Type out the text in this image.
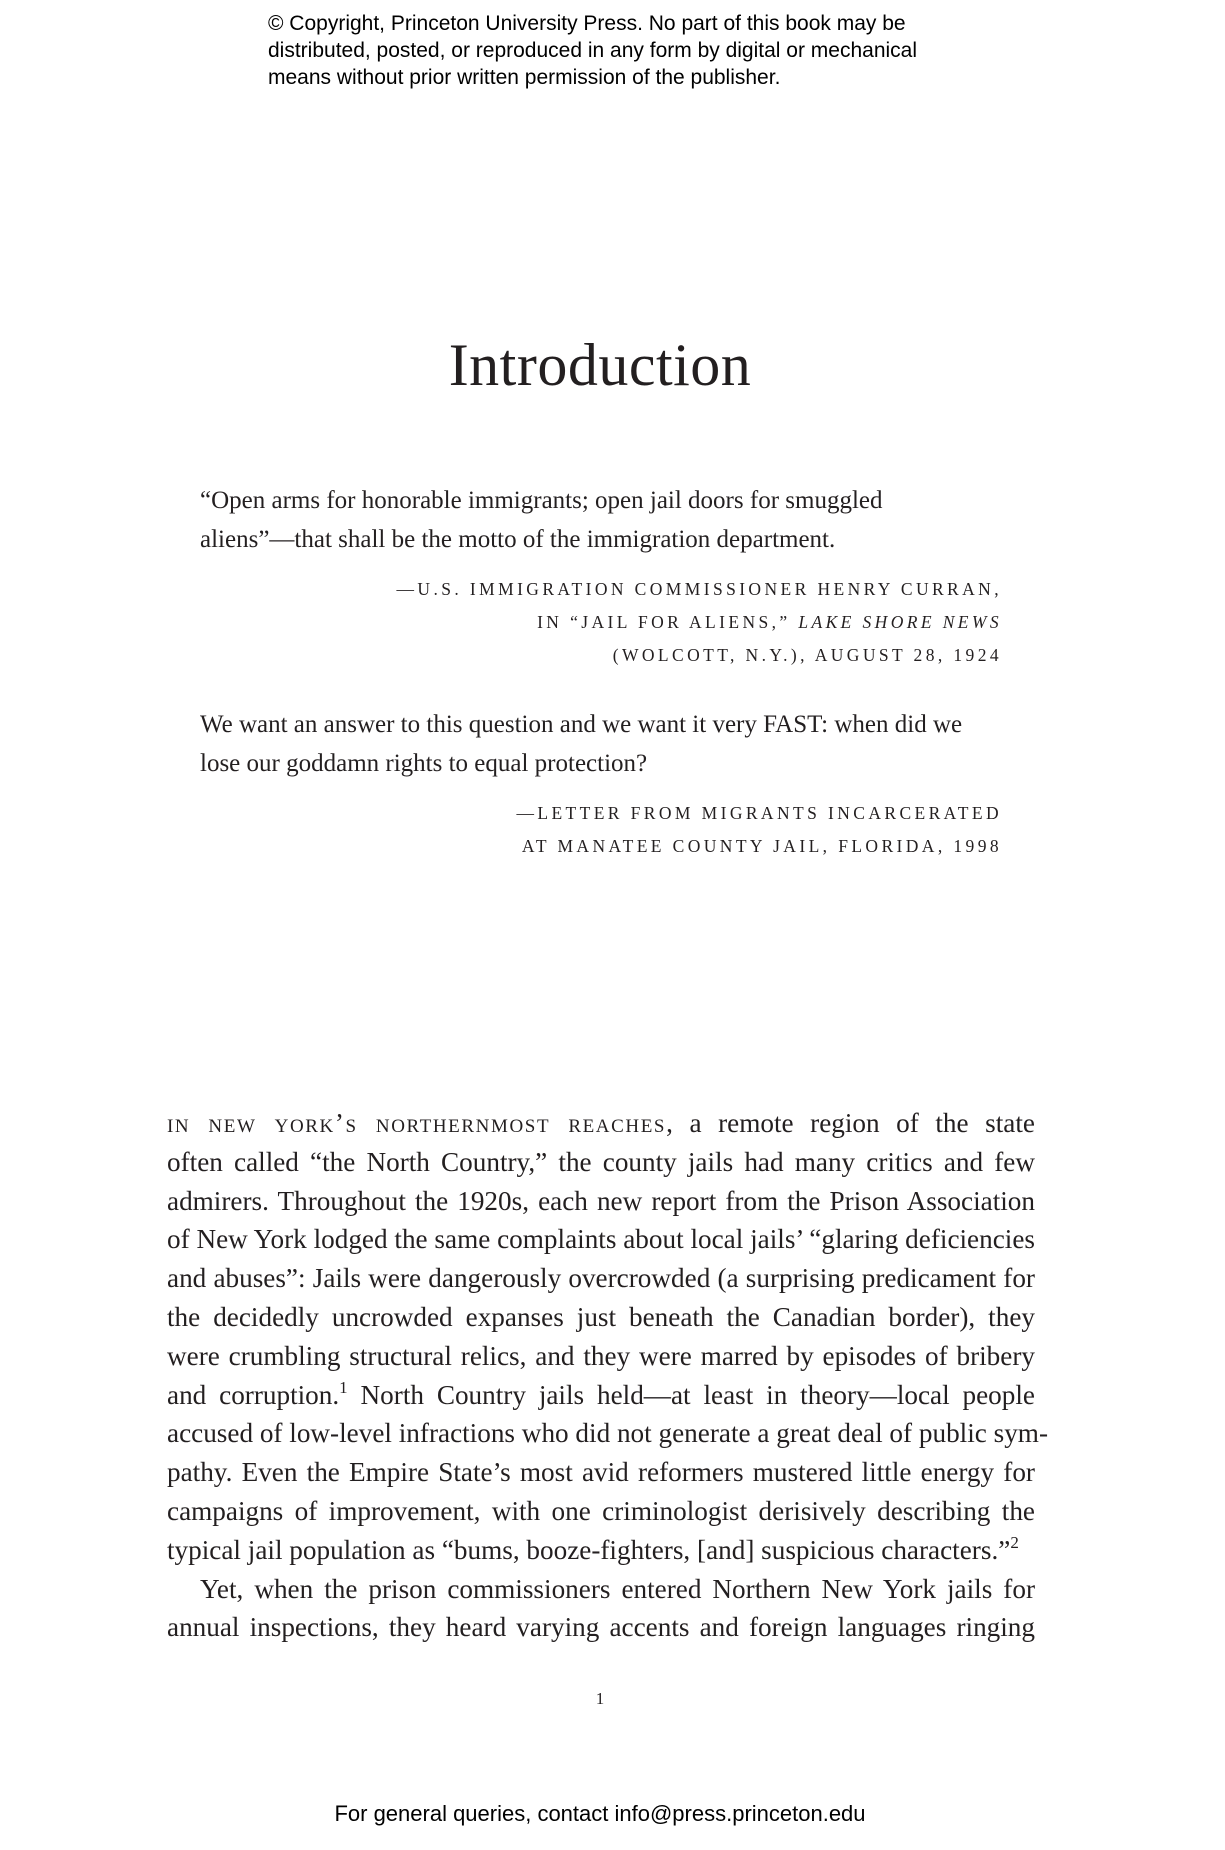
© Copyright, Princeton University Press. No part of this book may be
distributed, posted, or reproduced in any form by digital or mechanical
means without prior written permission of the publisher.
Introduction
“Open arms for honorable immigrants; open jail doors for smuggled
aliens”—that shall be the motto of the immigration department.
—U.S. IMMIGRATION COMMISSIONER HENRY CURRAN,
IN “JAIL FOR ALIENS,” LAKE SHORE NEWS
(WOLCOTT, N.Y.), AUGUST 28, 1924
We want an answer to this question and we want it very FAST: when did we
lose our goddamn rights to equal protection?
—LETTER FROM MIGRANTS INCARCERATED
AT MANATEE COUNTY JAIL, FLORIDA, 1998
in new york’s northernmost reaches, a remote region of the state
often called “the North Country,” the county jails had many critics and few
admirers. Throughout the 1920s, each new report from the Prison Association
of New York lodged the same complaints about local jails’ “glaring deficiencies
and abuses”: Jails were dangerously overcrowded (a surprising predicament for
the decidedly uncrowded expanses just beneath the Canadian border), they
were crumbling structural relics, and they were marred by episodes of bribery
and corruption.$^1$ North Country jails held—at least in theory—local people
accused of low-level infractions who did not generate a great deal of public sym-
pathy. Even the Empire State’s most avid reformers mustered little energy for
campaigns of improvement, with one criminologist derisively describing the
typical jail population as “bums, booze-fighters, [and] suspicious characters.”$^2$
Yet, when the prison commissioners entered Northern New York jails for
annual inspections, they heard varying accents and foreign languages ringing
1
For general queries, contact info@press.princeton.edu
